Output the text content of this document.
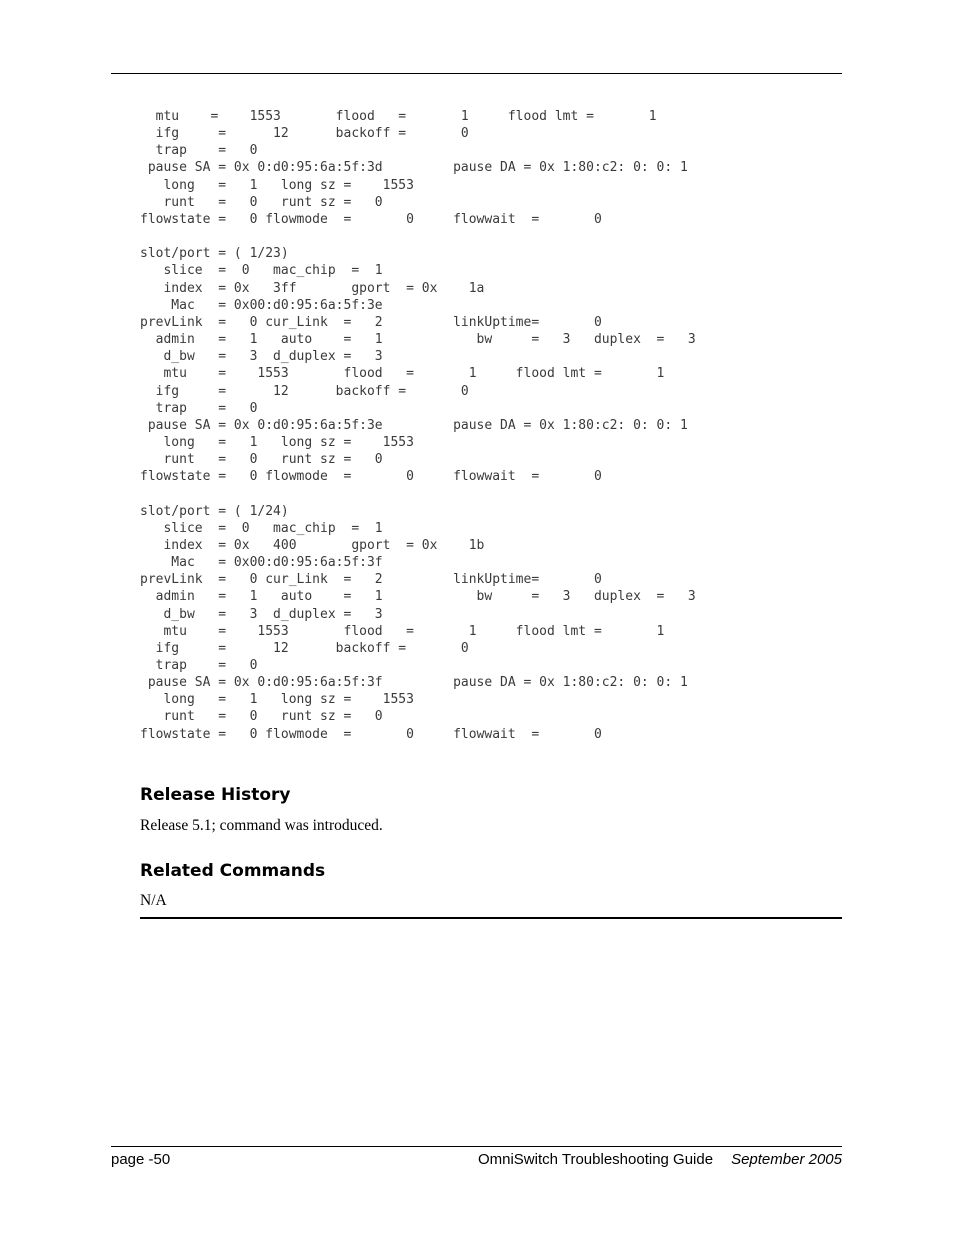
mtu    =    1553       flood   =       1     flood lmt =       1
ifg     =      12      backoff =       0
trap    =   0
pause SA = 0x 0:d0:95:6a:5f:3d         pause DA = 0x 1:80:c2: 0: 0: 1
long   =   1   long sz =    1553
runt   =   0   runt sz =   0
flowstate =   0 flowmode  =       0     flowwait  =       0

slot/port = ( 1/23)
slice  =  0   mac_chip  =  1
index  = 0x   3ff       gport  = 0x    1a
Mac   = 0x00:d0:95:6a:5f:3e
prevLink  =   0 cur_Link  =   2         linkUptime=       0
admin   =   1   auto    =   1            bw     =   3   duplex  =   3
d_bw   =   3  d_duplex =   3
mtu    =    1553       flood   =       1     flood lmt =       1
ifg     =      12      backoff =       0
trap    =   0
pause SA = 0x 0:d0:95:6a:5f:3e         pause DA = 0x 1:80:c2: 0: 0: 1
long   =   1   long sz =    1553
runt   =   0   runt sz =   0
flowstate =   0 flowmode  =       0     flowwait  =       0

slot/port = ( 1/24)
slice  =  0   mac_chip  =  1
index  = 0x   400       gport  = 0x    1b
Mac   = 0x00:d0:95:6a:5f:3f
prevLink  =   0 cur_Link  =   2         linkUptime=       0
admin   =   1   auto    =   1            bw     =   3   duplex  =   3
d_bw   =   3  d_duplex =   3
mtu    =    1553       flood   =       1     flood lmt =       1
ifg     =      12      backoff =       0
trap    =   0
pause SA = 0x 0:d0:95:6a:5f:3f         pause DA = 0x 1:80:c2: 0: 0: 1
long   =   1   long sz =    1553
runt   =   0   runt sz =   0
flowstate =   0 flowmode  =       0     flowwait  =       0
Release History

Release 5.1; command was introduced.

Related Commands

N/A

page -50	OmniSwitch Troubleshooting Guide September 2005
